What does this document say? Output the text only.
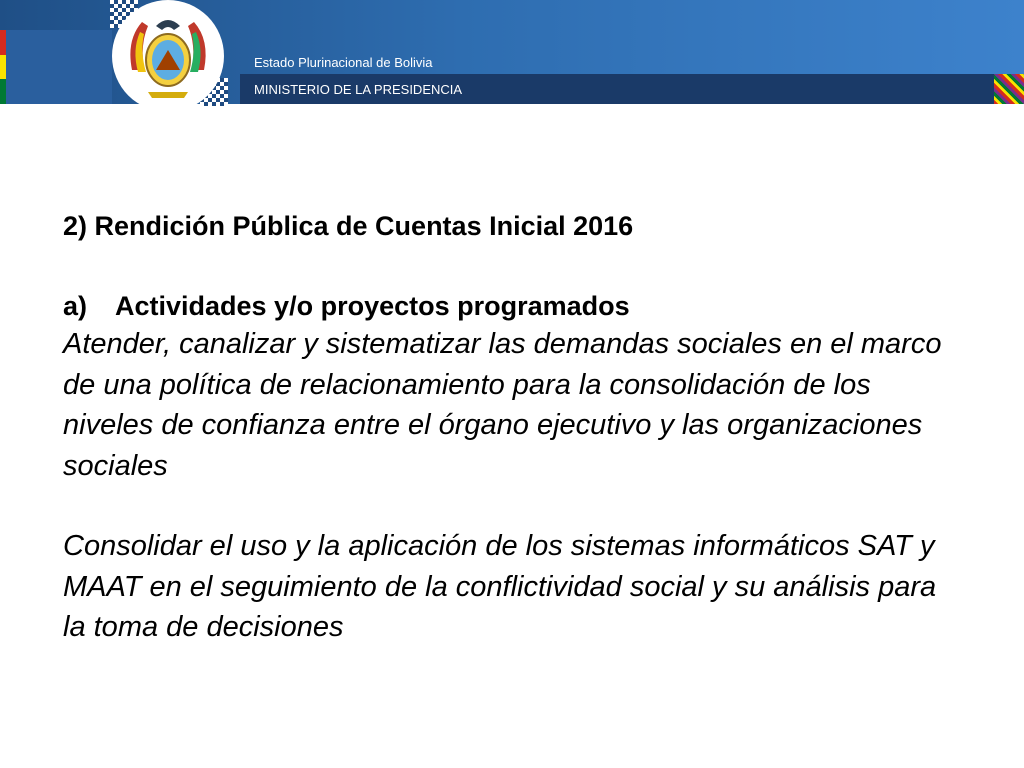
Estado Plurinacional de Bolivia
MINISTERIO DE LA PRESIDENCIA

2) Rendición Pública de Cuentas Inicial 2016

a)	Actividades y/o proyectos programados

Atender, canalizar y sistematizar las demandas sociales en el marco de una política de relacionamiento para la consolidación de los niveles de confianza entre el órgano ejecutivo y las organizaciones sociales

Consolidar el uso y la aplicación de los sistemas informáticos SAT y MAAT en el seguimiento de la conflictividad social y su análisis para la toma de decisiones
